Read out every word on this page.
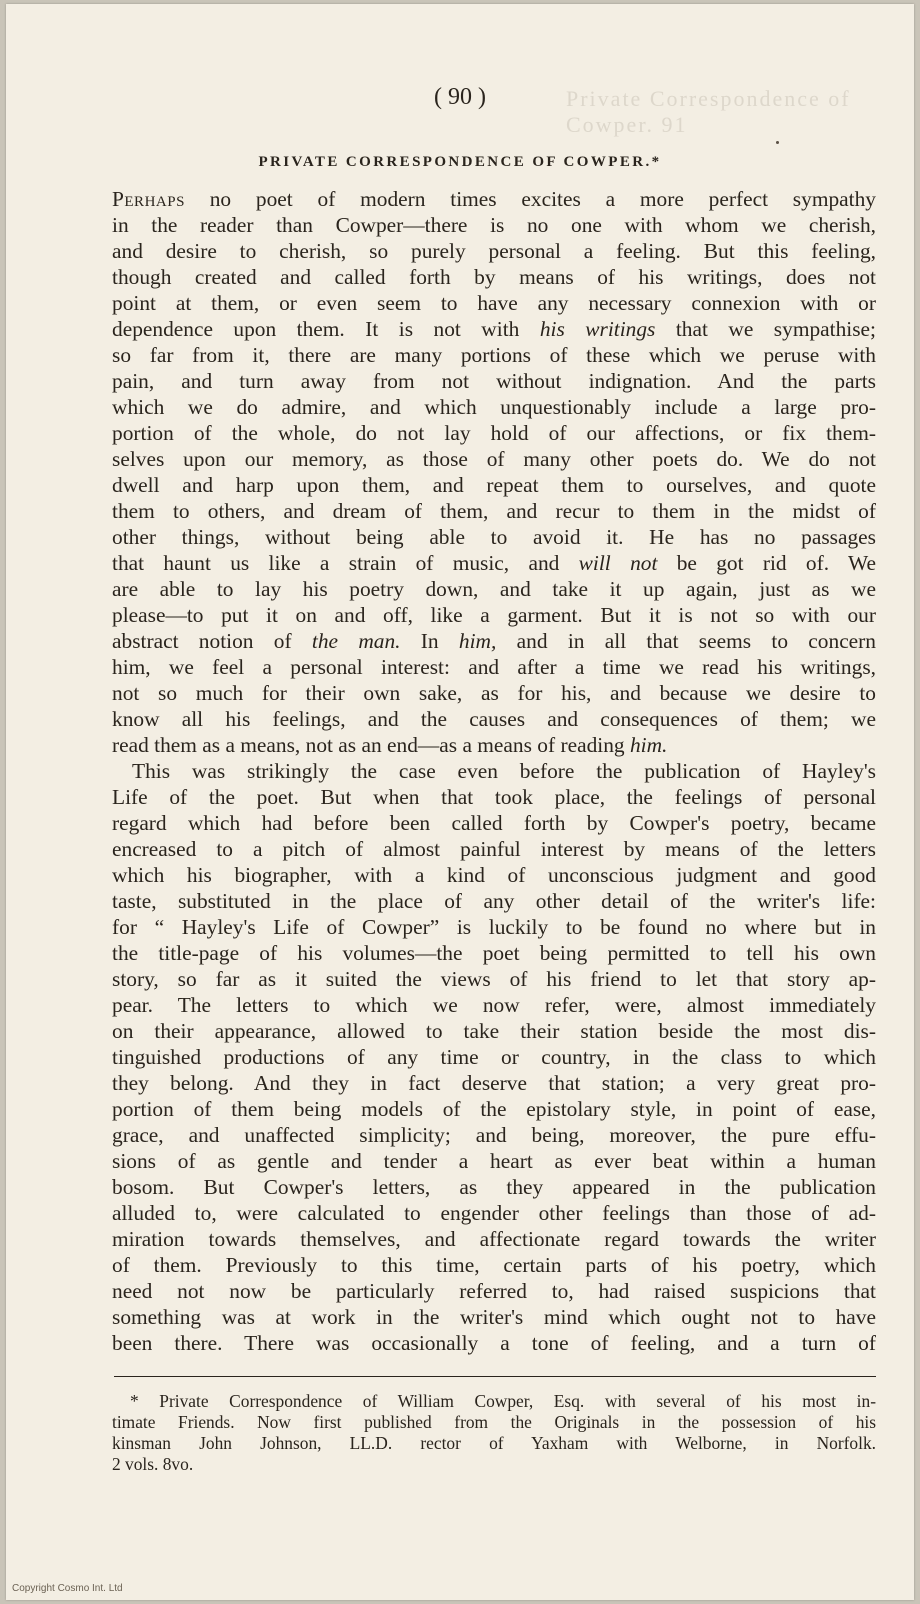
Private Correspondence of Cowper. 91
( 90 )
PRIVATE CORRESPONDENCE OF COWPER.*
Perhaps no poet of modern times excites a more perfect sympathy
in the reader than Cowper—there is no one with whom we cherish,
and desire to cherish, so purely personal a feeling. But this feeling,
though created and called forth by means of his writings, does not
point at them, or even seem to have any necessary connexion with or
dependence upon them. It is not with his writings that we sympathise;
so far from it, there are many portions of these which we peruse with
pain, and turn away from not without indignation. And the parts
which we do admire, and which unquestionably include a large pro-
portion of the whole, do not lay hold of our affections, or fix them-
selves upon our memory, as those of many other poets do. We do not
dwell and harp upon them, and repeat them to ourselves, and quote
them to others, and dream of them, and recur to them in the midst of
other things, without being able to avoid it. He has no passages
that haunt us like a strain of music, and will not be got rid of. We
are able to lay his poetry down, and take it up again, just as we
please—to put it on and off, like a garment. But it is not so with our
abstract notion of the man. In him, and in all that seems to concern
him, we feel a personal interest: and after a time we read his writings,
not so much for their own sake, as for his, and because we desire to
know all his feelings, and the causes and consequences of them; we
read them as a means, not as an end—as a means of reading him.
This was strikingly the case even before the publication of Hayley's
Life of the poet. But when that took place, the feelings of personal
regard which had before been called forth by Cowper's poetry, became
encreased to a pitch of almost painful interest by means of the letters
which his biographer, with a kind of unconscious judgment and good
taste, substituted in the place of any other detail of the writer's life:
for “ Hayley's Life of Cowper” is luckily to be found no where but in
the title-page of his volumes—the poet being permitted to tell his own
story, so far as it suited the views of his friend to let that story ap-
pear. The letters to which we now refer, were, almost immediately
on their appearance, allowed to take their station beside the most dis-
tinguished productions of any time or country, in the class to which
they belong. And they in fact deserve that station; a very great pro-
portion of them being models of the epistolary style, in point of ease,
grace, and unaffected simplicity; and being, moreover, the pure effu-
sions of as gentle and tender a heart as ever beat within a human
bosom. But Cowper's letters, as they appeared in the publication
alluded to, were calculated to engender other feelings than those of ad-
miration towards themselves, and affectionate regard towards the writer
of them. Previously to this time, certain parts of his poetry, which
need not now be particularly referred to, had raised suspicions that
something was at work in the writer's mind which ought not to have
been there. There was occasionally a tone of feeling, and a turn of
* Private Correspondence of William Cowper, Esq. with several of his most in-
timate Friends. Now first published from the Originals in the possession of his
kinsman John Johnson, LL.D. rector of Yaxham with Welborne, in Norfolk.
2 vols. 8vo.
Copyright Cosmo Int. Ltd
